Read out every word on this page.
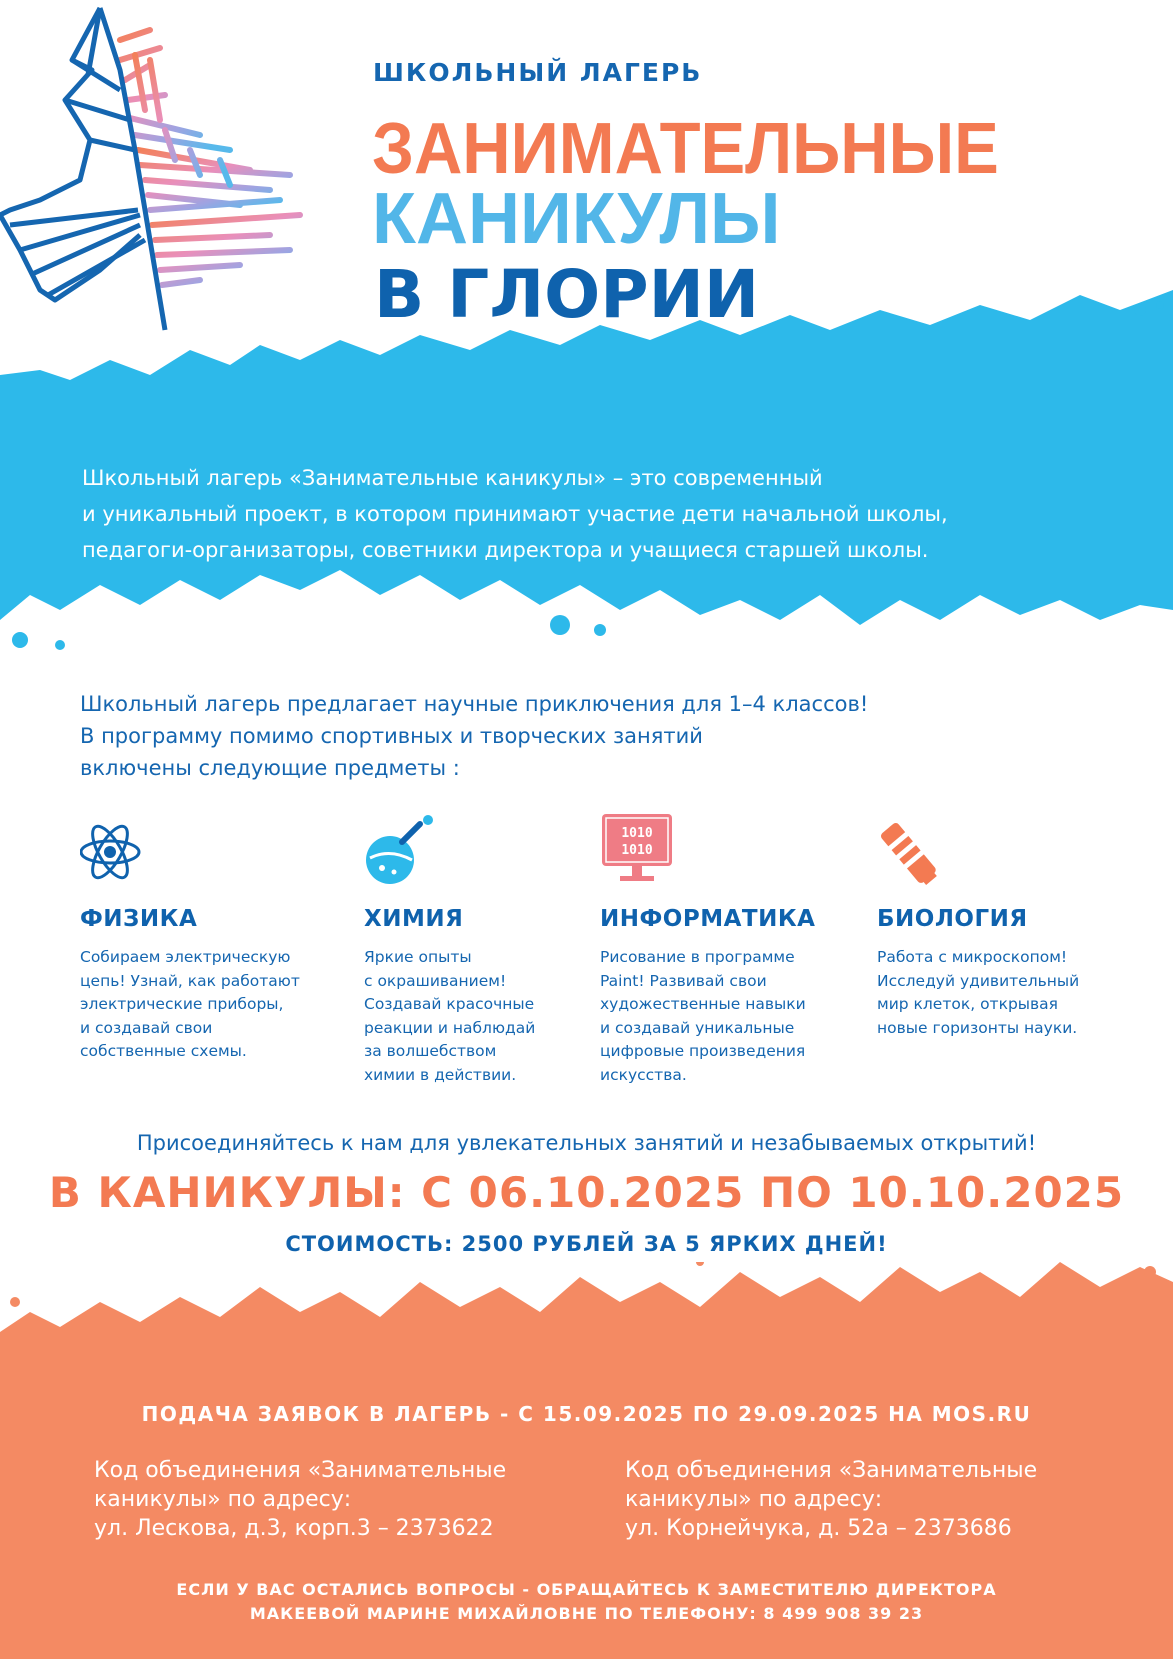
ШКОЛЬНЫЙ ЛАГЕРЬ
ЗАНИМАТЕЛЬНЫЕ
КАНИКУЛЫ
В ГЛОРИИ
Школьный лагерь «Занимательные каникулы» – это современный
и уникальный проект, в котором принимают участие дети начальной школы,
педагоги-организаторы, советники директора и учащиеся старшей школы.
Школьный лагерь предлагает научные приключения для 1–4 классов!
В программу помимо спортивных и творческих занятий
включены следующие предметы :
ФИЗИКА
Собираем электрическую
цепь! Узнай, как работают
электрические приборы,
и создавай свои
собственные схемы.
ХИМИЯ
Яркие опыты
с окрашиванием!
Создавай красочные
реакции и наблюдай
за волшебством
химии в действии.
1010
1010
ИНФОРМАТИКА
Рисование в программе
Paint! Развивай свои
художественные навыки
и создавай уникальные
цифровые произведения
искусства.
БИОЛОГИЯ
Работа с микроскопом!
Исследуй удивительный
мир клеток, открывая
новые горизонты науки.
Присоединяйтесь к нам для увлекательных занятий и незабываемых открытий!
В КАНИКУЛЫ: С 06.10.2025 ПО 10.10.2025
СТОИМОСТЬ: 2500 РУБЛЕЙ ЗА 5 ЯРКИХ ДНЕЙ!
ПОДАЧА ЗАЯВОК В ЛАГЕРЬ - С 15.09.2025 ПО 29.09.2025 НА MOS.RU
Код объединения «Занимательные
каникулы» по адресу:
ул. Лескова, д.3, корп.3 – 2373622
Код объединения «Занимательные
каникулы» по адресу:
ул. Корнейчука, д. 52а – 2373686
ЕСЛИ У ВАС ОСТАЛИСЬ ВОПРОСЫ - ОБРАЩАЙТЕСЬ К ЗАМЕСТИТЕЛЮ ДИРЕКТОРА
МАКЕЕВОЙ МАРИНЕ МИХАЙЛОВНЕ ПО ТЕЛЕФОНУ: 8 499 908 39 23
